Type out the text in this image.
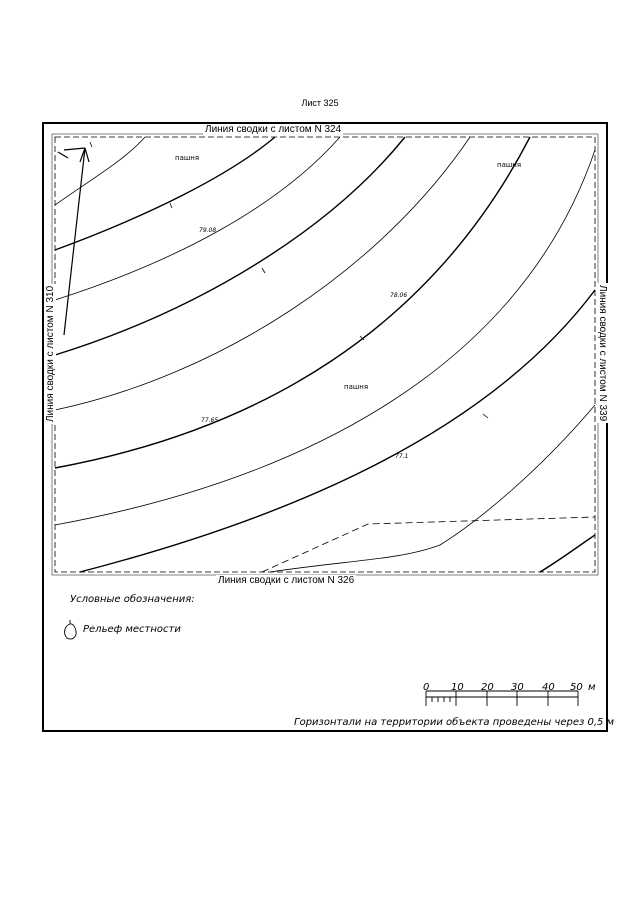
Лист 325
Линия сводки с листом N 324
Линия сводки с листом N 326
Линия сводки с листом N 310	Линия сводки с листом N 339
пашня
пашня
пашня
79.08
78.06
77.65
77.1
Условные обозначения:
Рельеф местности
0 10 20 30 40 50 м
Горизонтали на территории объекта проведены через 0,5 м
